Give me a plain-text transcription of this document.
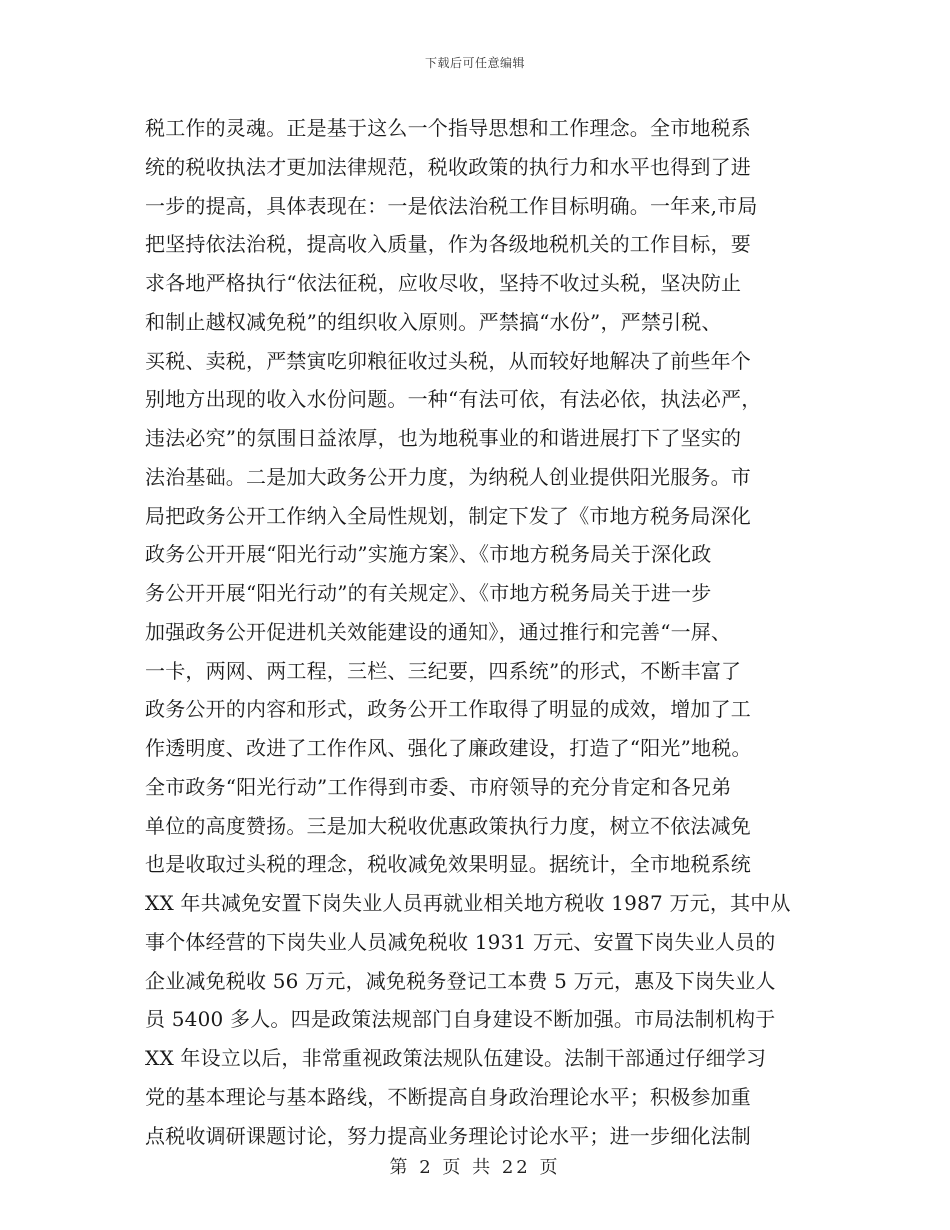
下载后可任意编辑
税工作的灵魂。正是基于这么一个指导思想和工作理念。全市地税系
统的税收执法才更加法律规范，税收政策的执行力和水平也得到了进
一步的提高，具体表现在：一是依法治税工作目标明确。一年来,市局
把坚持依法治税，提高收入质量，作为各级地税机关的工作目标，要
求各地严格执行“依法征税，应收尽收，坚持不收过头税，坚决防止
和制止越权减免税”的组织收入原则。严禁搞“水份”，严禁引税、
买税、卖税，严禁寅吃卯粮征收过头税，从而较好地解决了前些年个
别地方出现的收入水份问题。一种“有法可依，有法必依，执法必严，
违法必究”的氛围日益浓厚，也为地税事业的和谐进展打下了坚实的
法治基础。二是加大政务公开力度，为纳税人创业提供阳光服务。市
局把政务公开工作纳入全局性规划，制定下发了《市地方税务局深化
政务公开开展“阳光行动”实施方案》、《市地方税务局关于深化政
务公开开展“阳光行动”的有关规定》、《市地方税务局关于进一步
加强政务公开促进机关效能建设的通知》，通过推行和完善“一屏、
一卡，两网、两工程，三栏、三纪要，四系统”的形式，不断丰富了
政务公开的内容和形式，政务公开工作取得了明显的成效，增加了工
作透明度、改进了工作作风、强化了廉政建设，打造了“阳光”地税。
全市政务“阳光行动”工作得到市委、市府领导的充分肯定和各兄弟
单位的高度赞扬。三是加大税收优惠政策执行力度，树立不依法减免
也是收取过头税的理念，税收减免效果明显。据统计，全市地税系统
XX 年共减免安置下岗失业人员再就业相关地方税收 1987 万元，其中从
事个体经营的下岗失业人员减免税收 1931 万元、安置下岗失业人员的
企业减免税收 56 万元，减免税务登记工本费 5 万元，惠及下岗失业人
员 5400 多人。四是政策法规部门自身建设不断加强。市局法制机构于
XX 年设立以后，非常重视政策法规队伍建设。法制干部通过仔细学习
党的基本理论与基本路线，不断提高自身政治理论水平；积极参加重
点税收调研课题讨论，努力提高业务理论讨论水平；进一步细化法制
第 2 页 共 22 页
